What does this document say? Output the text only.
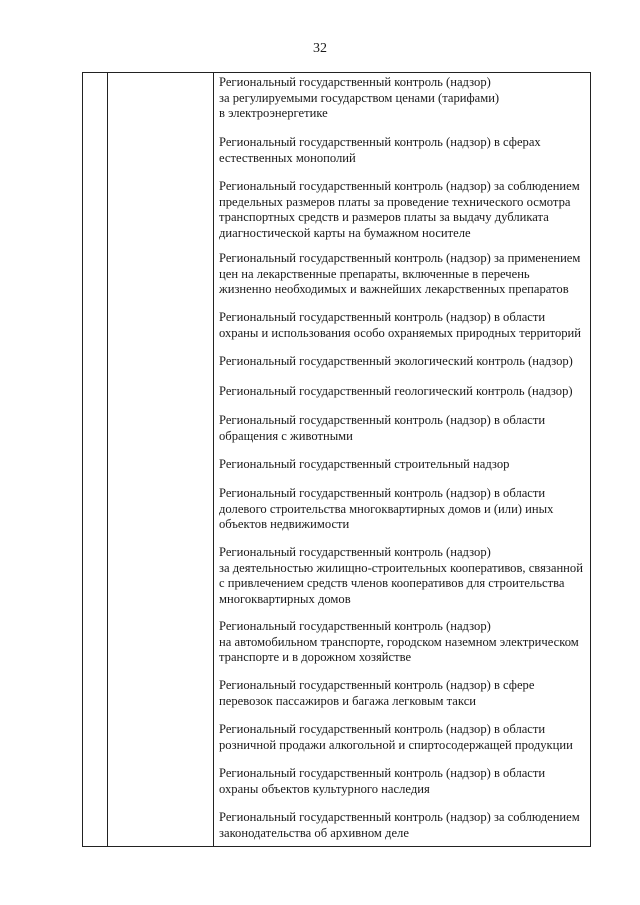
32
Региональный государственный контроль (надзор)
за регулируемыми государством ценами (тарифами)
в электроэнергетике
Региональный государственный контроль (надзор) в сферах
естественных монополий
Региональный государственный контроль (надзор) за соблюдением
предельных размеров платы за проведение технического осмотра
транспортных средств и размеров платы за выдачу дубликата
диагностической карты на бумажном носителе
Региональный государственный контроль (надзор) за применением
цен на лекарственные препараты, включенные в перечень
жизненно необходимых и важнейших лекарственных препаратов
Региональный государственный контроль (надзор) в области
охраны и использования особо охраняемых природных территорий
Региональный государственный экологический контроль (надзор)
Региональный государственный геологический контроль (надзор)
Региональный государственный контроль (надзор) в области
обращения с животными
Региональный государственный строительный надзор
Региональный государственный контроль (надзор) в области
долевого строительства многоквартирных домов и (или) иных
объектов недвижимости
Региональный государственный контроль (надзор)
за деятельностью жилищно-строительных кооперативов, связанной
с привлечением средств членов кооперативов для строительства
многоквартирных домов
Региональный государственный контроль (надзор)
на автомобильном транспорте, городском наземном электрическом
транспорте и в дорожном хозяйстве
Региональный государственный контроль (надзор) в сфере
перевозок пассажиров и багажа легковым такси
Региональный государственный контроль (надзор) в области
розничной продажи алкогольной и спиртосодержащей продукции
Региональный государственный контроль (надзор) в области
охраны объектов культурного наследия
Региональный государственный контроль (надзор) за соблюдением
законодательства об архивном деле
